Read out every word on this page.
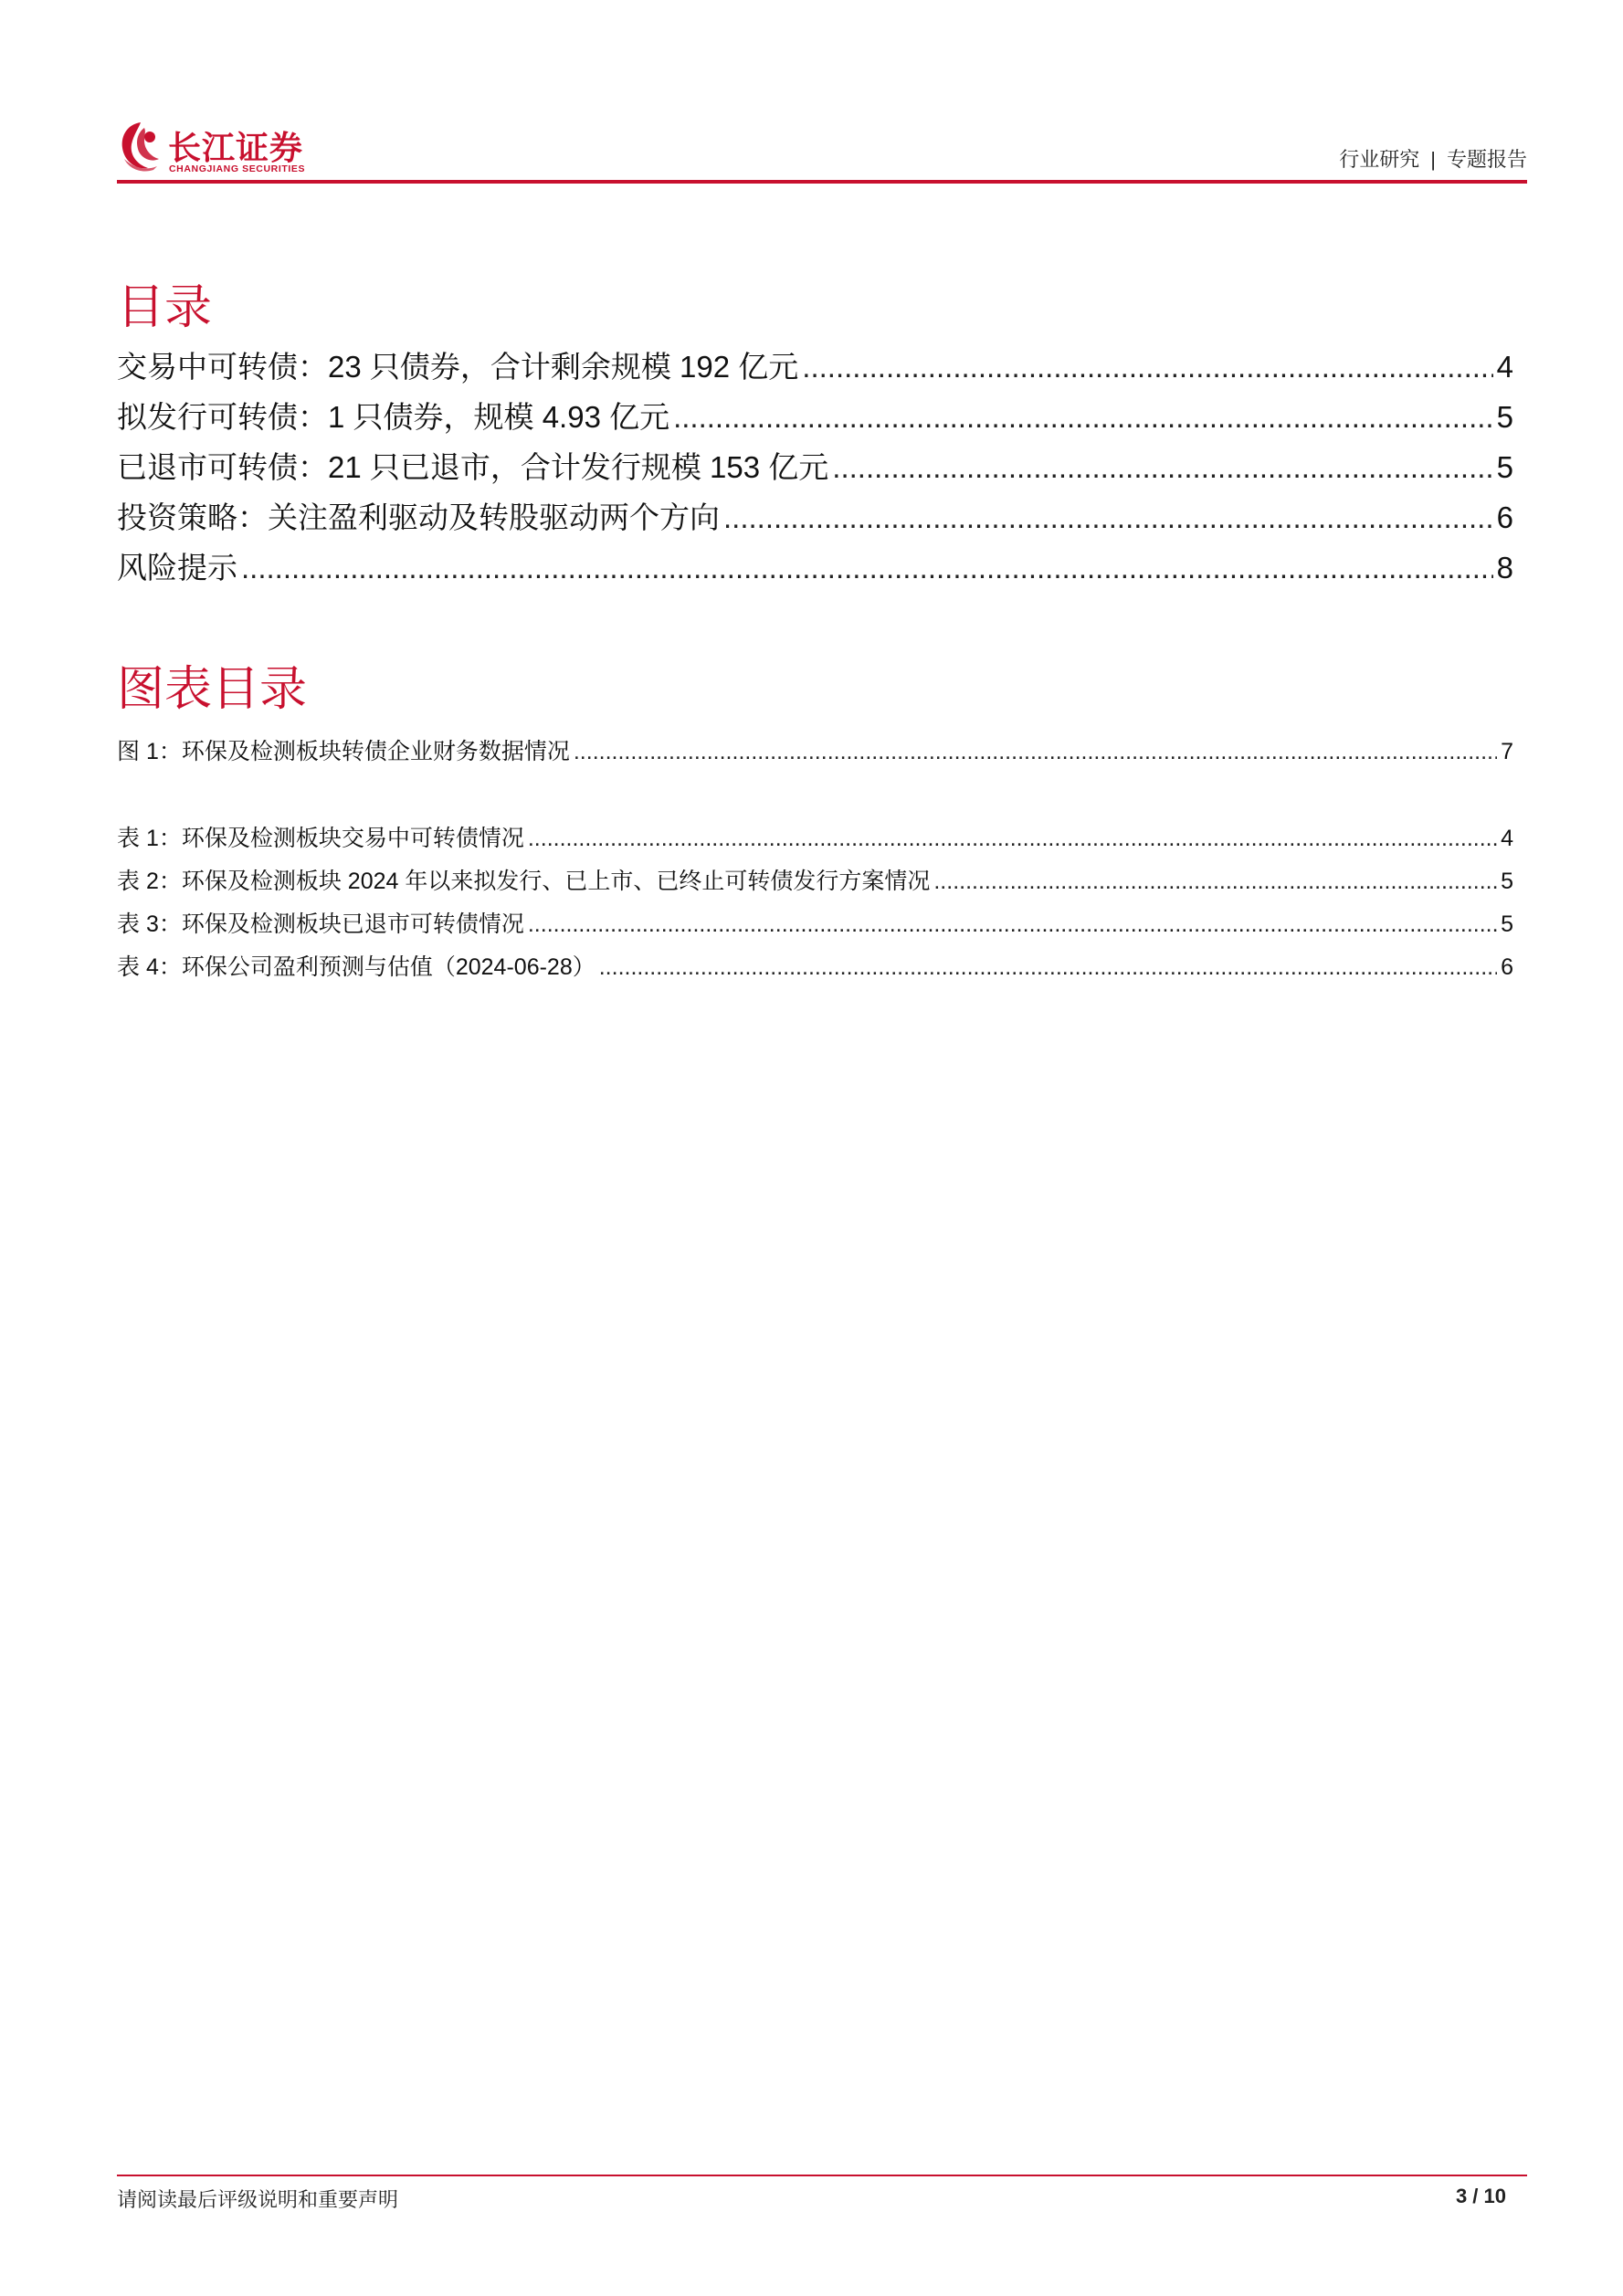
长江证券
CHANGJIANG SECURITIES	行业研究 | 专题报告
目录
交易中可转债：23 只债券，合计剩余规模 192 亿元 .....	4
拟发行可转债：1 只债券，规模 4.93 亿元 .....	5
已退市可转债：21 只已退市，合计发行规模 153 亿元 .....	5
投资策略：关注盈利驱动及转股驱动两个方向 .....	6
风险提示 .....	8
图表目录
图 1：环保及检测板块转债企业财务数据情况 .....	7
表 1：环保及检测板块交易中可转债情况 .....	4
表 2：环保及检测板块 2024 年以来拟发行、已上市、已终止可转债发行方案情况 .....	5
表 3：环保及检测板块已退市可转债情况 .....	5
表 4：环保公司盈利预测与估值（2024-06-28） .....	6
请阅读最后评级说明和重要声明	3 / 10
